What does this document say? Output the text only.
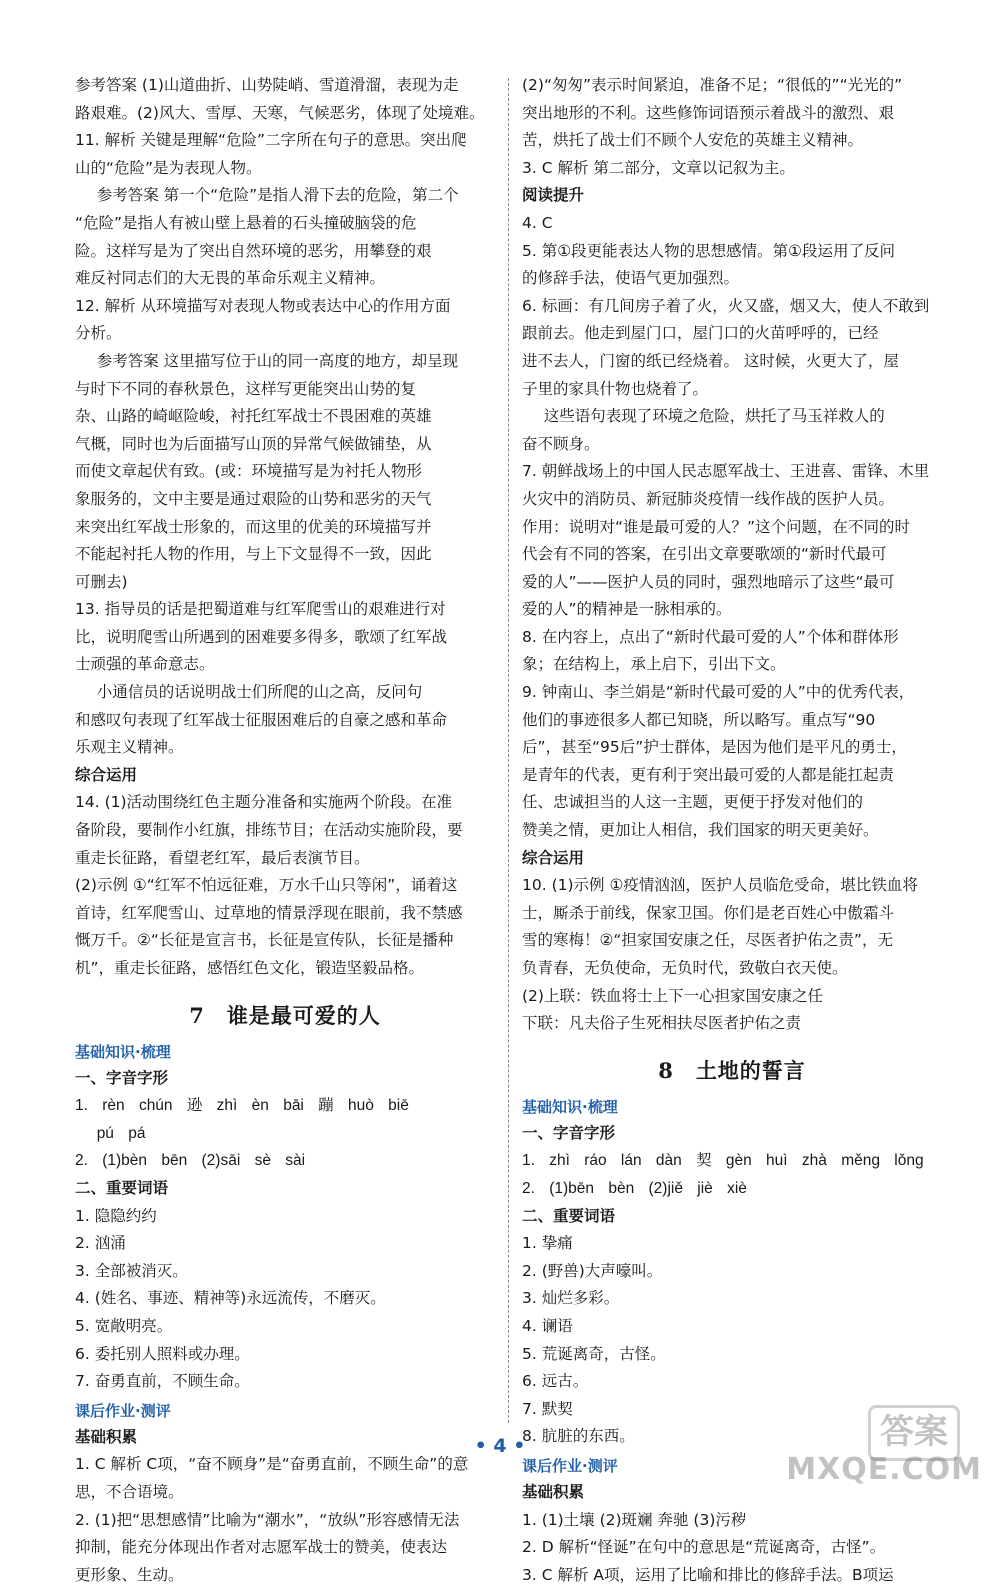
参考答案 (1)山道曲折、山势陡峭、雪道滑溜，表现为走

路艰难。(2)风大、雪厚、天寒，气候恶劣，体现了处境难。

11. 解析 关键是理解“危险”二字所在句子的意思。突出爬

山的“危险”是为表现人物。

参考答案 第一个“危险”是指人滑下去的危险，第二个

“危险”是指人有被山壁上悬着的石头撞破脑袋的危

险。这样写是为了突出自然环境的恶劣，用攀登的艰

难反衬同志们的大无畏的革命乐观主义精神。

12. 解析 从环境描写对表现人物或表达中心的作用方面

分析。

参考答案 这里描写位于山的同一高度的地方，却呈现

与时下不同的春秋景色，这样写更能突出山势的复

杂、山路的崎岖险峻，衬托红军战士不畏困难的英雄

气概，同时也为后面描写山顶的异常气候做铺垫，从

而使文章起伏有致。(或：环境描写是为衬托人物形

象服务的，文中主要是通过艰险的山势和恶劣的天气

来突出红军战士形象的，而这里的优美的环境描写并

不能起衬托人物的作用，与上下文显得不一致，因此

可删去)

13. 指导员的话是把蜀道难与红军爬雪山的艰难进行对

比，说明爬雪山所遇到的困难要多得多，歌颂了红军战

士顽强的革命意志。

小通信员的话说明战士们所爬的山之高，反问句

和感叹句表现了红军战士征服困难后的自豪之感和革命

乐观主义精神。

综合运用

14. (1)活动围绕红色主题分准备和实施两个阶段。在准

备阶段，要制作小红旗，排练节目；在活动实施阶段，要

重走长征路，看望老红军，最后表演节目。

(2)示例 ①“红军不怕远征难，万水千山只等闲”，诵着这

首诗，红军爬雪山、过草地的情景浮现在眼前，我不禁感

慨万千。②“长征是宣言书，长征是宣传队，长征是播种

机”，重走长征路，感悟红色文化，锻造坚毅品格。

7 谁是最可爱的人

基础知识·梳理

一、字音字形

1. rèn chún 逊 zhì èn bāi 蹦 huò biē

pú pá

2. (1)bèn bēn (2)sāi sè sài

二、重要词语

1. 隐隐约约

2. 汹涌

3. 全部被消灭。

4. (姓名、事迹、精神等)永远流传，不磨灭。

5. 宽敞明亮。

6. 委托别人照料或办理。

7. 奋勇直前，不顾生命。

课后作业·测评

基础积累

1. C 解析 C项，“奋不顾身”是“奋勇直前，不顾生命”的意

思，不合语境。

2. (1)把“思想感情”比喻为“潮水”，“放纵”形容感情无法

抑制，能充分体现出作者对志愿军战士的赞美，使表达

更形象、生动。

(2)“匆匆”表示时间紧迫，准备不足；“很低的”“光光的”

突出地形的不利。这些修饰词语预示着战斗的激烈、艰

苦，烘托了战士们不顾个人安危的英雄主义精神。

3. C 解析 第二部分，文章以记叙为主。

阅读提升

4. C

5. 第①段更能表达人物的思想感情。第①段运用了反问

的修辞手法，使语气更加强烈。

6. 标画：有几间房子着了火，火又盛，烟又大，使人不敢到

跟前去。他走到屋门口，屋门口的火苗呼呼的，已经

进不去人，门窗的纸已经烧着。 这时候，火更大了，屋

子里的家具什物也烧着了。

这些语句表现了环境之危险，烘托了马玉祥救人的

奋不顾身。

7. 朝鲜战场上的中国人民志愿军战士、王进喜、雷锋、木里

火灾中的消防员、新冠肺炎疫情一线作战的医护人员。

作用：说明对“谁是最可爱的人？”这个问题，在不同的时

代会有不同的答案，在引出文章要歌颂的“新时代最可

爱的人”——医护人员的同时，强烈地暗示了这些“最可

爱的人”的精神是一脉相承的。

8. 在内容上，点出了“新时代最可爱的人”个体和群体形

象；在结构上，承上启下，引出下文。

9. 钟南山、李兰娟是“新时代最可爱的人”中的优秀代表，

他们的事迹很多人都已知晓，所以略写。重点写“90

后”，甚至“95后”护士群体，是因为他们是平凡的勇士，

是青年的代表，更有利于突出最可爱的人都是能扛起责

任、忠诚担当的人这一主题，更便于抒发对他们的

赞美之情，更加让人相信，我们国家的明天更美好。

综合运用

10. (1)示例 ①疫情汹汹，医护人员临危受命，堪比铁血将

士，厮杀于前线，保家卫国。你们是老百姓心中傲霜斗

雪的寒梅！②“担家国安康之任，尽医者护佑之责”，无

负青春，无负使命，无负时代，致敬白衣天使。

(2)上联：铁血将士上下一心担家国安康之任

下联：凡夫俗子生死相扶尽医者护佑之责

8 土地的誓言

基础知识·梳理

一、字音字形

1. zhì ráo lán dàn 契 gèn huì zhà měng lǒng

2. (1)bēn bèn (2)jiě jiè xiè

二、重要词语

1. 挚痛

2. (野兽)大声嚎叫。

3. 灿烂多彩。

4. 谰语

5. 荒诞离奇，古怪。

6. 远古。

7. 默契

8. 肮脏的东西。

课后作业·测评

基础积累

1. (1)土壤 (2)斑斓 奔驰 (3)污秽

2. D 解析“怪诞”在句中的意思是“荒诞离奇，古怪”。

3. C 解析 A项，运用了比喻和排比的修辞手法。B项运

• 4 •	答案
MXQE.COM
